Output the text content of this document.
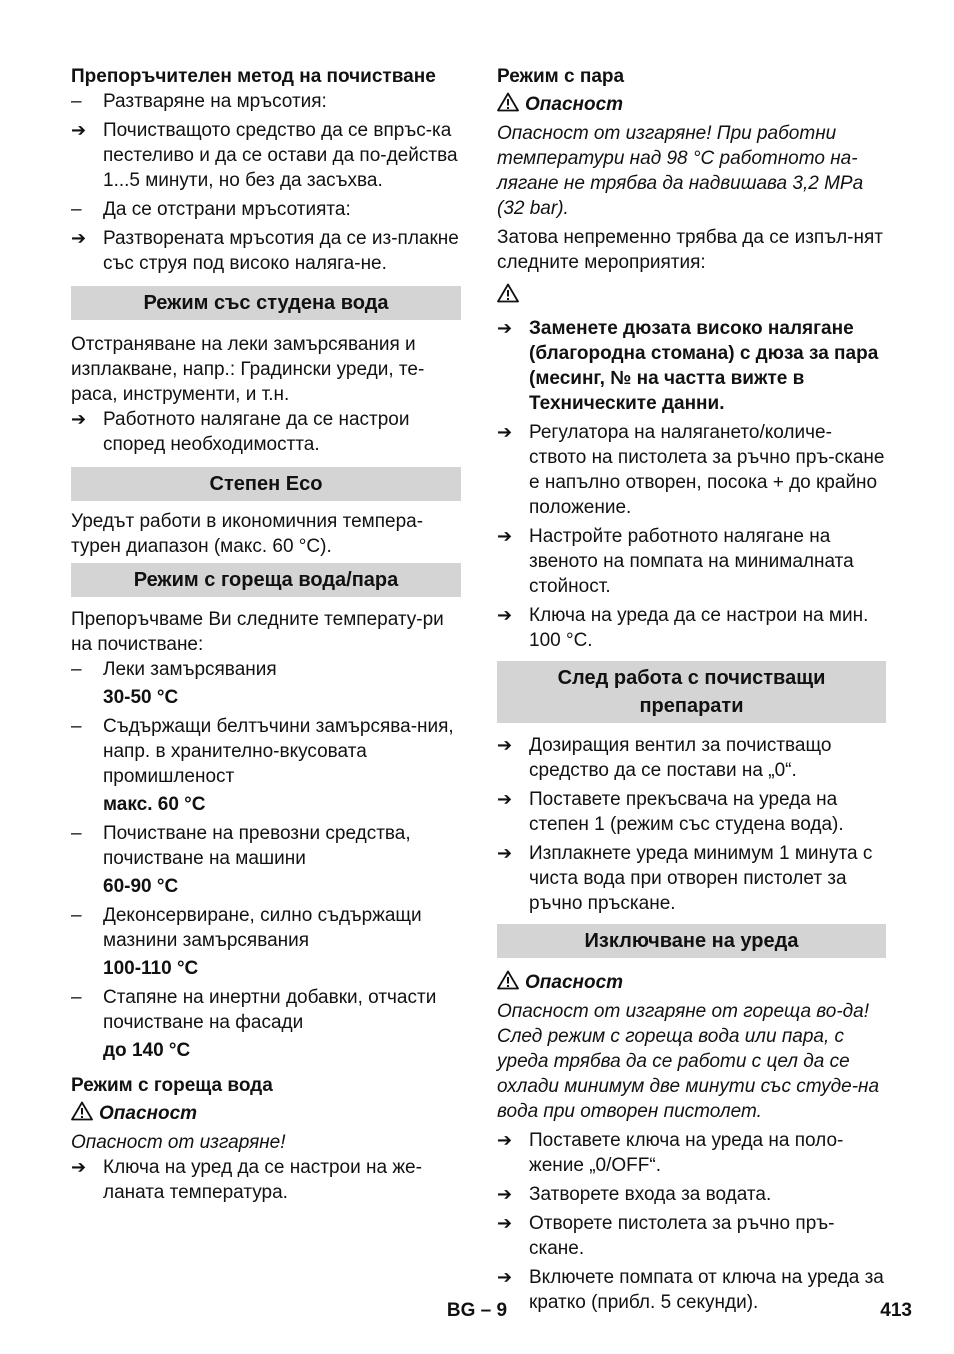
Препоръчителен метод на почистване

–
Разтваряне на мръсотия:
➔
Почистващото средство да се впръс-ка пестеливо и да се остави да по-действа 1...5 минути, но без да засъхва.
–
Да се отстрани мръсотията:
➔
Разтворената мръсотия да се из-плакне със струя под високо наляга-не.
Режим със студена вода

Отстраняване на леки замърсявания и изплакване, напр.: Градински уреди, те-раса, инструменти, и т.н.

➔
Работното налягане да се настрои според необходимостта.
Степен Eco

Уредът работи в икономичния темпера-турен диапазон (макс. 60 °C).

Режим с гореща вода/пара

Препоръчваме Ви следните температу-ри на почистване:

–
Леки замърсявания
30-50 °C
–
Съдържащи белтъчини замърсява-ния, напр. в хранително-вкусовата промишленост
макс. 60 °C
–
Почистване на превозни средства, почистване на машини
60-90 °C
–
Деконсервиране, силно съдържащи мазнини замърсявания
100-110 °C
–
Стапяне на инертни добавки, отчасти почистване на фасади
до 140 °C

Режим с гореща вода

Опасност

Опасност от изгаряне!

➔
Ключа на уред да се настрои на же-ланата температура.

Режим с пара

Опасност

Опасност от изгаряне! При работни температури над 98 °C работното на-лягане не трябва да надвишава 3,2 MPa (32 bar).

Затова непременно трябва да се изпъл-нят следните мероприятия:

➔
Заменете дюзата високо налягане (благородна стомана) с дюза за пара (месинг, № на частта вижте в Техническите данни.
➔
Регулатора на налягането/количе-ството на пистолета за ръчно пръ-скане е напълно отворен, посока + до крайно положение.
➔
Настройте работното налягане на звеното на помпата на минималната стойност.
➔
Ключа на уреда да се настрои на мин. 100 °C.
След работа с почистващи препарати
➔
Дозиращия вентил за почистващо средство да се постави на „0“.
➔
Поставете прекъсвача на уреда на степен 1 (режим със студена вода).
➔
Изплакнете уреда минимум 1 минута с чиста вода при отворен пистолет за ръчно пръскане.
Изключване на уреда
Опасност

Опасност от изгаряне от гореща во-да! След режим с гореща вода или пара, с уреда трябва да се работи с цел да се охлади минимум две минути със студе-на вода при отворен пистолет.

➔
Поставете ключа на уреда на поло-жение „0/OFF“.
➔
Затворете входа за водата.
➔
Отворете пистолета за ръчно пръ-скане.
➔
Включете помпата от ключа на уреда за кратко (прибл. 5 секунди).
BG – 9	413
